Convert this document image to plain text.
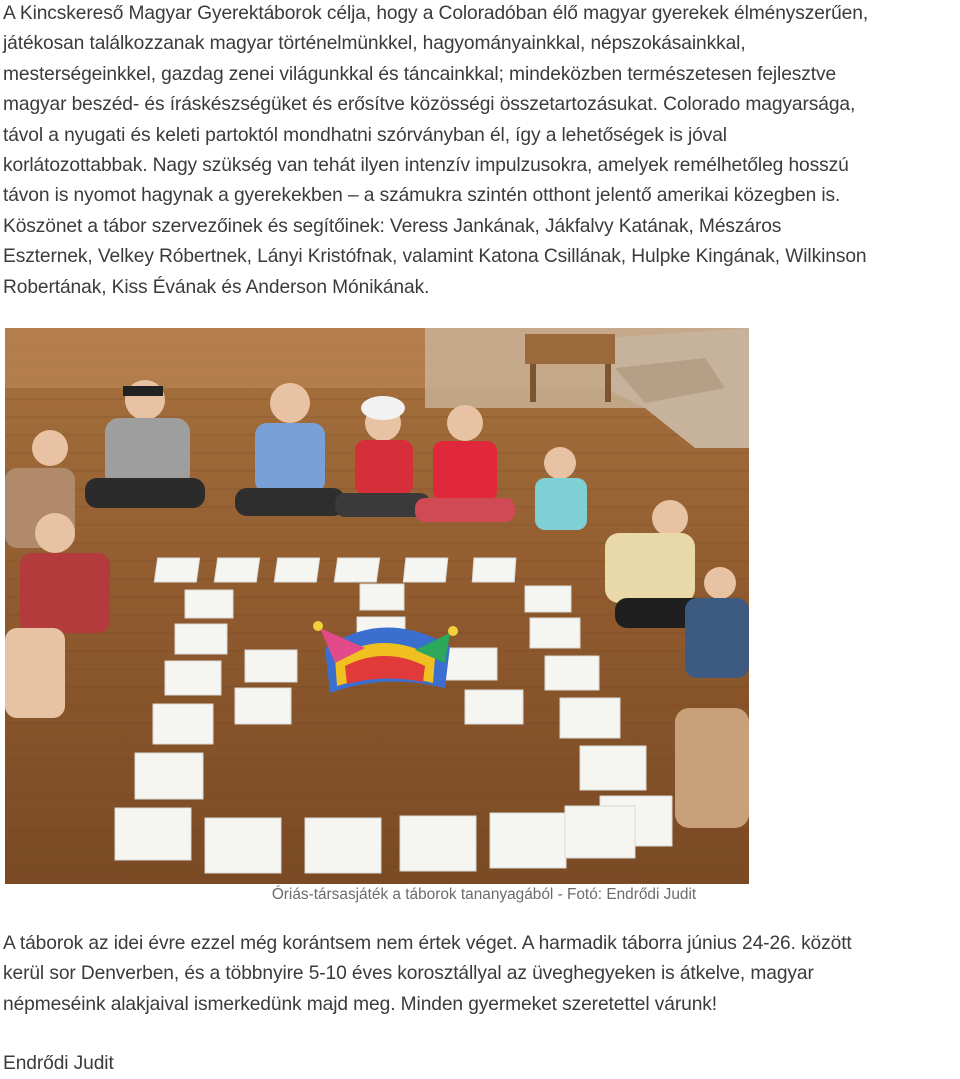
A Kincskereső Magyar Gyerektáborok célja, hogy a Coloradóban élő magyar gyerekek élményszerűen,
játékosan találkozzanak magyar történelmünkkel, hagyományainkkal, népszokásainkkal,
mesterségeinkkel, gazdag zenei világunkkal és táncainkkal; mindeközben természetesen fejlesztve
magyar beszéd- és íráskészségüket és erősítve közösségi összetartozásukat. Colorado magyarsága,
távol a nyugati és keleti partoktól mondhatni szórványban él, így a lehetőségek is jóval
korlátozottabbak. Nagy szükség van tehát ilyen intenzív impulzusokra, amelyek remélhetőleg hosszú
távon is nyomot hagynak a gyerekekben – a számukra szintén otthont jelentő amerikai közegben is.
Köszönet a tábor szervezőinek és segítőinek: Veress Jankának, Jákfalvy Katának, Mészáros
Eszternek, Velkey Róbertnek, Lányi Kristófnak, valamint Katona Csillának, Hulpke Kingának, Wilkinson
Robertának, Kiss Évának és Anderson Mónikának.
Óriás-társasjáték a táborok tananyagából - Fotó: Endrődi Judit
A táborok az idei évre ezzel még korántsem nem értek véget. A harmadik táborra június 24-26. között
kerül sor Denverben, és a többnyire 5-10 éves korosztállyal az üveghegyeken is átkelve, magyar
népmeséink alakjaival ismerkedünk majd meg. Minden gyermeket szeretettel várunk!
Endrődi Judit
